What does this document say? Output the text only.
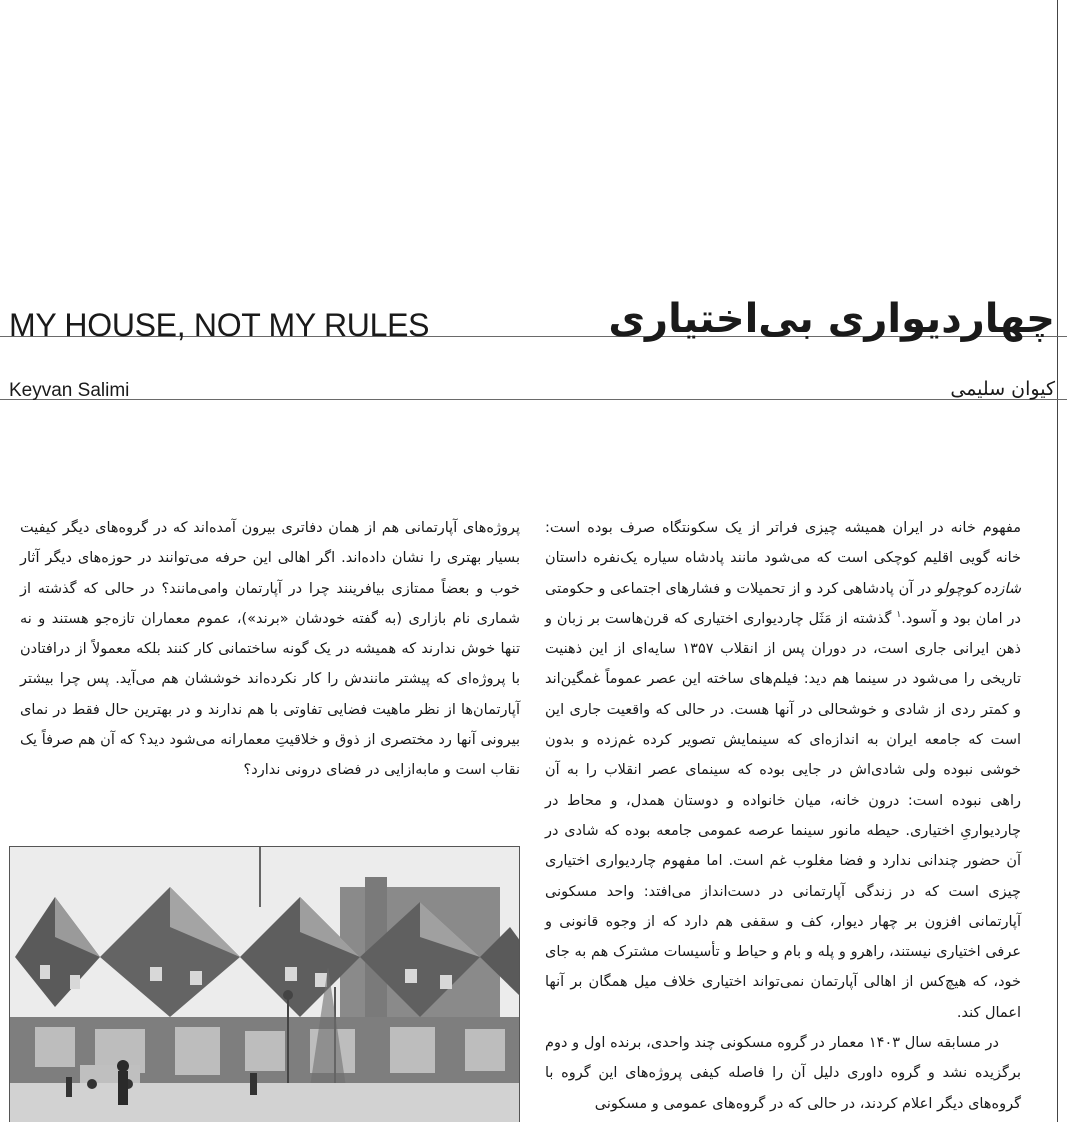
MY HOUSE, NOT MY RULES
Keyvan Salimi
چهاردیواری بی‌اختیاری
کیوان سلیمی

مفهوم خانه در ایران همیشه چیزی فراتر از یک سکونتگاه صرف بوده است: خانه گویی اقلیم کوچکی است که می‌شود مانند پادشاه سیاره یک‌نفره داستان شازده کوچولو در آن پادشاهی کرد و از تحمیلات و فشارهای اجتماعی و حکومتی در امان بود و آسود.$^۱$ گذشته از مَثَل چاردیواری اختیاری که قرن‌هاست بر زبان و ذهن ایرانی جاری است، در دوران پس از انقلاب ۱۳۵۷ سایه‌ای از این ذهنیت تاریخی را می‌شود در سینما هم دید: فیلم‌های ساخته این عصر عموماً غمگین‌اند و کمتر ردی از شادی و خوشحالی در آنها هست. در حالی که واقعیت جاری این است که جامعه ایران به اندازه‌ای که سینمایش تصویر کرده غم‌زده و بدون خوشی نبوده ولی شادی‌اش در جایی بوده که سینمای عصر انقلاب را به آن راهی نبوده است: درون خانه، میان خانواده و دوستان همدل، و محاط در چاردیواریِ اختیاری. حیطه مانور سینما عرصه عمومی جامعه بوده که شادی در آن حضور چندانی ندارد و فضا مغلوب غم است. اما مفهوم چاردیواری اختیاری چیزی است که در زندگی آپارتمانی در دست‌انداز می‌افتد: واحد مسکونی آپارتمانی افزون بر چهار دیوار، کف و سقفی هم دارد که از وجوه قانونی و عرفی اختیاری نیستند، راهرو و پله و بام و حیاط و تأسیسات مشترک هم به جای خود، که هیچ‌کس از اهالی آپارتمان نمی‌تواند اختیاری خلاف میل همگان بر آنها اعمال کند.

در مسابقه سال ۱۴۰۳ معمار در گروه مسکونی چند واحدی، برنده اول و دوم برگزیده نشد و گروه داوری دلیل آن را فاصله کیفی پروژه‌های این گروه با گروه‌های دیگر اعلام کردند، در حالی که در گروه‌های عمومی و مسکونی

پروژه‌های آپارتمانی هم از همان دفاتری بیرون آمده‌اند که در گروه‌های دیگر کیفیت بسیار بهتری را نشان داده‌اند. اگر اهالی این حرفه می‌توانند در حوزه‌های دیگر آثار خوب و بعضاً ممتازی بیافرینند چرا در آپارتمان وامی‌مانند؟ در حالی که گذشته از شماری نام بازاری (به گفته خودشان «برند»)، عموم معماران تازه‌جو هستند و نه تنها خوش ندارند که همیشه در یک گونه ساختمانی کار کنند بلکه معمولاً از درافتادن با پروژه‌ای که پیشتر مانندش را کار نکرده‌اند خوششان هم می‌آید. پس چرا بیشتر آپارتمان‌ها از نظر ماهیت فضایی تفاوتی با هم ندارند و در بهترین حال فقط در نمای بیرونی آنها رد مختصری از ذوق و خلاقیتِ معمارانه می‌شود دید؟ که آن هم صرفاً یک نقاب است و مابه‌ازایی در فضای درونی ندارد؟
